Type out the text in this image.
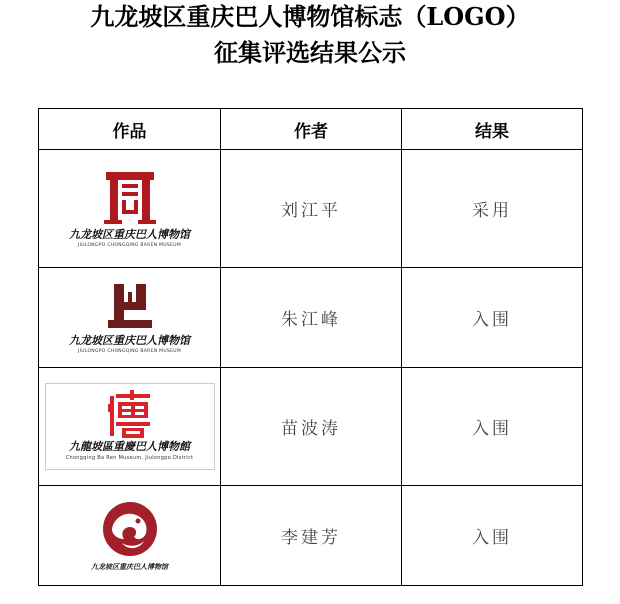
九龙坡区重庆巴人博物馆标志（LOGO）
征集评选结果公示
作品	作者	结果

九龙坡区重庆巴人博物馆
JIULONGPO CHONGQING BAREN MUSEUM	刘江平	采用

九龙坡区重庆巴人博物馆
JIULONGPO CHONGQING BAREN MUSEUM	朱江峰	入围

九龍坡區重慶巴人博物館
Chongqing Ba Ren Museum, Jiulongpo District	苗波涛	入围

九龙坡区重庆巴人博物馆	李建芳	入围
